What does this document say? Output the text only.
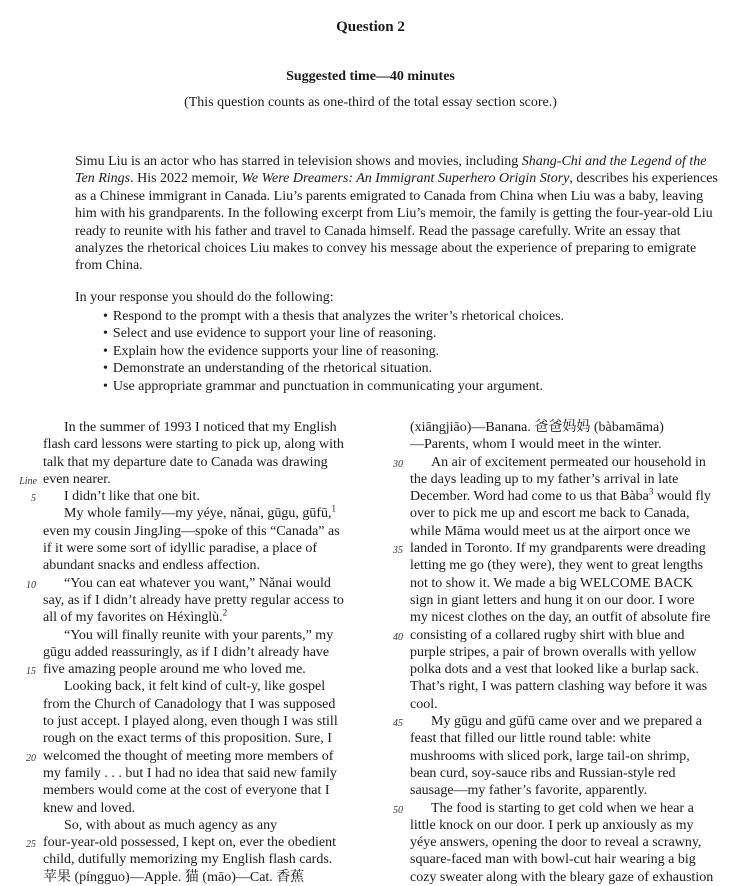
Question 2
Suggested time—40 minutes
(This question counts as one-third of the total essay section score.)
Simu Liu is an actor who has starred in television shows and movies, including Shang-Chi and the Legend of the Ten Rings. His 2022 memoir, We Were Dreamers: An Immigrant Superhero Origin Story, describes his experiences as a Chinese immigrant in Canada. Liu’s parents emigrated to Canada from China when Liu was a baby, leaving him with his grandparents. In the following excerpt from Liu’s memoir, the family is getting the four-year-old Liu ready to reunite with his father and travel to Canada himself. Read the passage carefully. Write an essay that analyzes the rhetorical choices Liu makes to convey his message about the experience of preparing to emigrate from China.
In your response you should do the following:
• Respond to the prompt with a thesis that analyzes the writer’s rhetorical choices.
• Select and use evidence to support your line of reasoning.
• Explain how the evidence supports your line of reasoning.
• Demonstrate an understanding of the rhetorical situation.
• Use appropriate grammar and punctuation in communicating your argument.
  In the summer of 1993 I noticed that my English
flash card lessons were starting to pick up, along with
talk that my departure date to Canada was drawing
Line even nearer.
5   I didn’t like that one bit.
  My whole family—my yéye, nǎnai, gūgu, gūfū,$^1$
even my cousin JingJing—spoke of this “Canada” as
if it were some sort of idyllic paradise, a place of
abundant snacks and endless affection.
10   “You can eat whatever you want,” Nǎnai would
say, as if I didn’t already have pretty regular access to
all of my favorites on Héxìnglù.$^2$
  “You will finally reunite with your parents,” my
gūgu added reassuringly, as if I didn’t already have
15 five amazing people around me who loved me.
  Looking back, it felt kind of cult-y, like gospel
from the Church of Canadology that I was supposed
to just accept. I played along, even though I was still
rough on the exact terms of this proposition. Sure, I
20 welcomed the thought of meeting more members of
my family . . . but I had no idea that said new family
members would come at the cost of everyone that I
knew and loved.
  So, with about as much agency as any
25 four-year-old possessed, I kept on, ever the obedient
child, dutifully memorizing my English flash cards.
苹果 (píngguo)—Apple. 猫 (māo)—Cat. 香蕉
(xiāngjiāo)—Banana. 爸爸妈妈 (bàbamāma)
—Parents, whom I would meet in the winter.
30   An air of excitement permeated our household in
the days leading up to my father’s arrival in late
December. Word had come to us that Bàba$^3$ would fly
over to pick me up and escort me back to Canada,
while Māma would meet us at the airport once we
35 landed in Toronto. If my grandparents were dreading
letting me go (they were), they went to great lengths
not to show it. We made a big WELCOME BACK
sign in giant letters and hung it on our door. I wore
my nicest clothes on the day, an outfit of absolute fire
40 consisting of a collared rugby shirt with blue and
purple stripes, a pair of brown overalls with yellow
polka dots and a vest that looked like a burlap sack.
That’s right, I was pattern clashing way before it was
cool.
45   My gūgu and gūfū came over and we prepared a
feast that filled our little round table: white
mushrooms with sliced pork, large tail-on shrimp,
bean curd, soy-sauce ribs and Russian-style red
sausage—my father’s favorite, apparently.
50   The food is starting to get cold when we hear a
little knock on our door. I perk up anxiously as my
yéye answers, opening the door to reveal a scrawny,
square-faced man with bowl-cut hair wearing a big
cozy sweater along with the bleary gaze of exhaustion
